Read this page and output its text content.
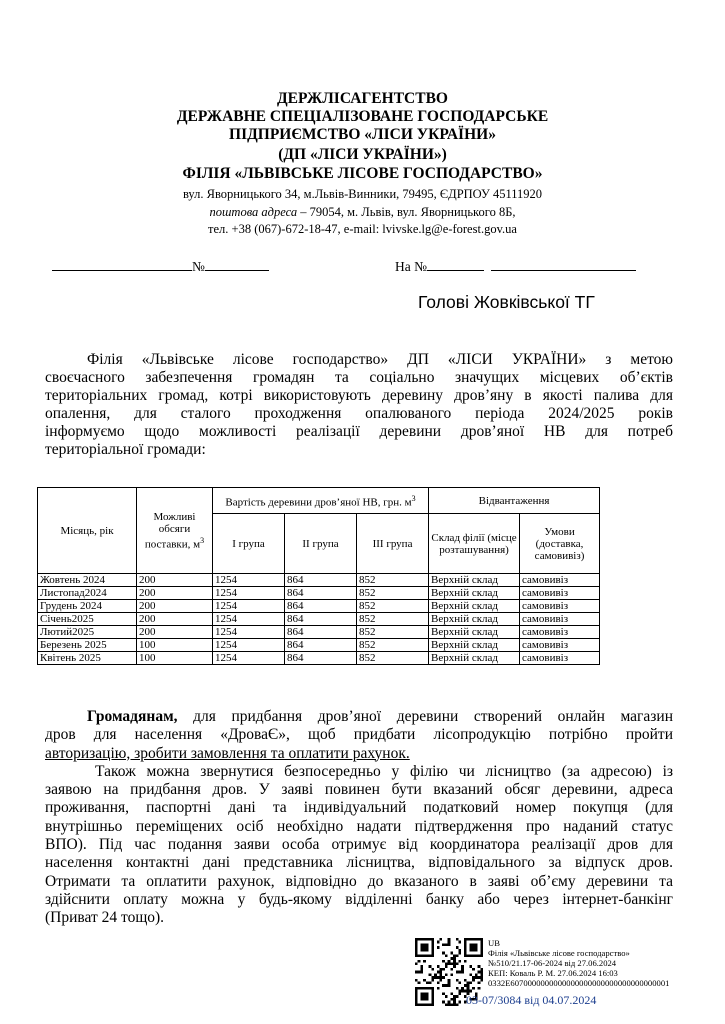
ДЕРЖЛІСАГЕНТСТВО
ДЕРЖАВНЕ СПЕЦІАЛІЗОВАНЕ ГОСПОДАРСЬКЕ
ПІДПРИЄМСТВО «ЛІСИ УКРАЇНИ»
(ДП «ЛІСИ УКРАЇНИ»)
ФІЛІЯ «ЛЬВІВСЬКЕ ЛІСОВЕ ГОСПОДАРСТВО»
вул. Яворницького 34, м.Львів-Винники, 79495, ЄДРПОУ 45111920
поштова адреса – 79054, м. Львів, вул. Яворницького 8Б,
тел. +38 (067)-672-18-47, e-mail: lvivske.lg@e-forest.gov.ua
№	На №
Голові Жовківської ТГ
Філія «Львівське лісове господарство» ДП «ЛІСИ УКРАЇНИ» з метою
своєчасного забезпечення громадян та соціально значущих місцевих об’єктів
територіальних громад, котрі використовують деревину дров’яну в якості палива для
опалення, для сталого проходження опалюваного періода 2024/2025 років
інформуємо щодо можливості реалізації деревини дров’яної НВ для потреб
територіальної громади:
Місяць, рік	Можливі обсяги поставки, $м^3$	Вартість деревини дров’яної НВ, грн. $м^3$			Відвантаження	
		І група	ІІ група	ІІІ група	Склад філії (місце розташування)	Умови (доставка, самовивіз)
Жовтень 2024	200	1254	864	852	Верхній склад	самовивіз
Листопад2024	200	1254	864	852	Верхній склад	самовивіз
Грудень 2024	200	1254	864	852	Верхній склад	самовивіз
Січень2025	200	1254	864	852	Верхній склад	самовивіз
Лютий2025	200	1254	864	852	Верхній склад	самовивіз
Березень 2025	100	1254	864	852	Верхній склад	самовивіз
Квітень 2025	100	1254	864	852	Верхній склад	самовивіз
Громадянам, для придбання дров’яної деревини створений онлайн магазин
дров для населення «ДроваЄ», щоб придбати лісопродукцію потрібно пройти
авторизацію, зробити замовлення та оплатити рахунок.
Також можна звернутися безпосередньо у філію чи лісництво (за адресою) із
заявою на придбання дров. У заяві повинен бути вказаний обсяг деревини, адреса
проживання, паспортні дані та індивідуальний податковий номер покупця (для
внутрішньо переміщених осіб необхідно надати підтвердження про наданий статус
ВПО). Під час подання заяви особа отримує від координатора реалізації дров для
населення контактні дані представника лісництва, відповідального за відпуск дров.
Отримати та оплатити рахунок, відповідно до вказаного в заяві об’єму деревини та
здійснити оплату можна у будь-якому відділенні банку або через інтернет-банкінг
(Приват 24 тощо).
UB
Філія «Львівське лісове господарство»
№510/21.17-06-2024 від 27.06.2024
КЕП: Коваль Р. М. 27.06.2024 16:03
0332E6070000000000000000000000000000000001
03-07/3084 від 04.07.2024
